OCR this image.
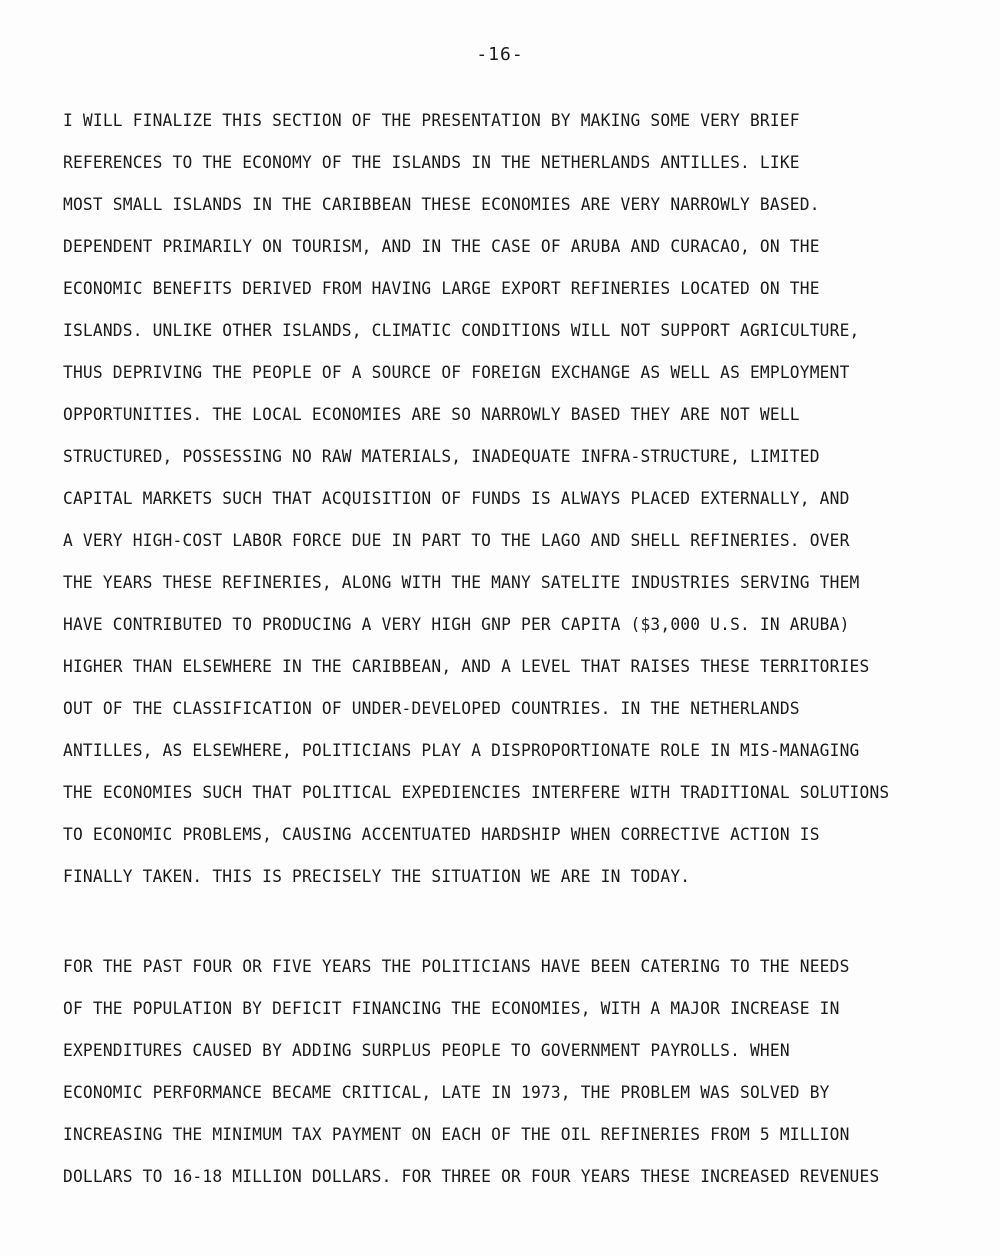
-16-
I WILL FINALIZE THIS SECTION OF THE PRESENTATION BY MAKING SOME VERY BRIEF
REFERENCES TO THE ECONOMY OF THE ISLANDS IN THE NETHERLANDS ANTILLES. LIKE
MOST SMALL ISLANDS IN THE CARIBBEAN THESE ECONOMIES ARE VERY NARROWLY BASED.
DEPENDENT PRIMARILY ON TOURISM, AND IN THE CASE OF ARUBA AND CURACAO, ON THE
ECONOMIC BENEFITS DERIVED FROM HAVING LARGE EXPORT REFINERIES LOCATED ON THE
ISLANDS. UNLIKE OTHER ISLANDS, CLIMATIC CONDITIONS WILL NOT SUPPORT AGRICULTURE,
THUS DEPRIVING THE PEOPLE OF A SOURCE OF FOREIGN EXCHANGE AS WELL AS EMPLOYMENT
OPPORTUNITIES. THE LOCAL ECONOMIES ARE SO NARROWLY BASED THEY ARE NOT WELL
STRUCTURED, POSSESSING NO RAW MATERIALS, INADEQUATE INFRA-STRUCTURE, LIMITED
CAPITAL MARKETS SUCH THAT ACQUISITION OF FUNDS IS ALWAYS PLACED EXTERNALLY, AND
A VERY HIGH-COST LABOR FORCE DUE IN PART TO THE LAGO AND SHELL REFINERIES. OVER
THE YEARS THESE REFINERIES, ALONG WITH THE MANY SATELITE INDUSTRIES SERVING THEM
HAVE CONTRIBUTED TO PRODUCING A VERY HIGH GNP PER CAPITA ($3,000 U.S. IN ARUBA)
HIGHER THAN ELSEWHERE IN THE CARIBBEAN, AND A LEVEL THAT RAISES THESE TERRITORIES
OUT OF THE CLASSIFICATION OF UNDER-DEVELOPED COUNTRIES. IN THE NETHERLANDS
ANTILLES, AS ELSEWHERE, POLITICIANS PLAY A DISPROPORTIONATE ROLE IN MIS-MANAGING
THE ECONOMIES SUCH THAT POLITICAL EXPEDIENCIES INTERFERE WITH TRADITIONAL SOLUTIONS
TO ECONOMIC PROBLEMS, CAUSING ACCENTUATED HARDSHIP WHEN CORRECTIVE ACTION IS
FINALLY TAKEN. THIS IS PRECISELY THE SITUATION WE ARE IN TODAY.
FOR THE PAST FOUR OR FIVE YEARS THE POLITICIANS HAVE BEEN CATERING TO THE NEEDS
OF THE POPULATION BY DEFICIT FINANCING THE ECONOMIES, WITH A MAJOR INCREASE IN
EXPENDITURES CAUSED BY ADDING SURPLUS PEOPLE TO GOVERNMENT PAYROLLS. WHEN
ECONOMIC PERFORMANCE BECAME CRITICAL, LATE IN 1973, THE PROBLEM WAS SOLVED BY
INCREASING THE MINIMUM TAX PAYMENT ON EACH OF THE OIL REFINERIES FROM 5 MILLION
DOLLARS TO 16-18 MILLION DOLLARS. FOR THREE OR FOUR YEARS THESE INCREASED REVENUES
